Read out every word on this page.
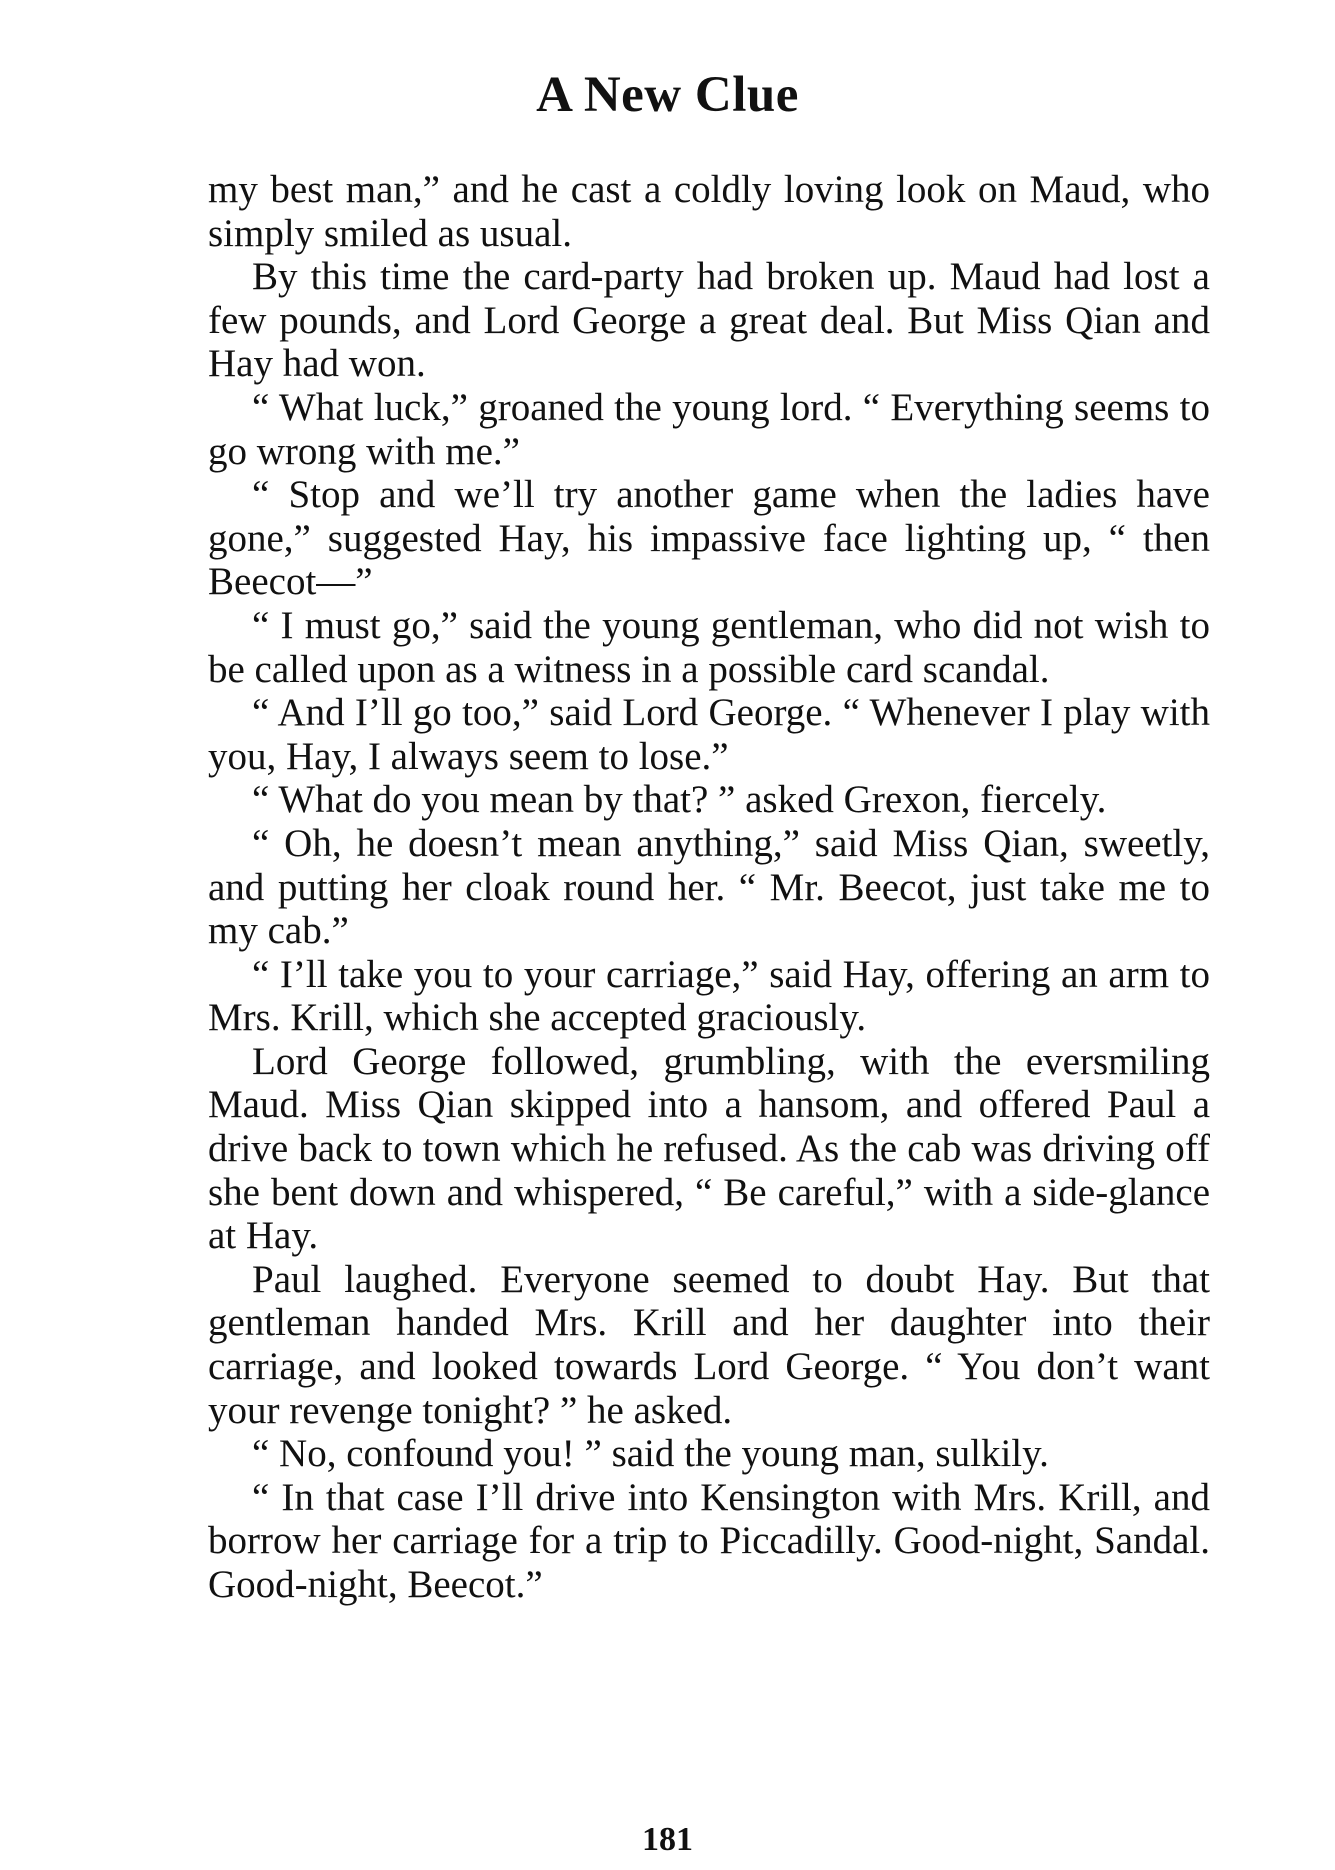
A New Clue

my best man,” and he cast a coldly loving look on Maud, who simply smiled as usual.

By this time the card-party had broken up. Maud had lost a few pounds, and Lord George a great deal. But Miss Qian and Hay had won.

“ What luck,” groaned the young lord. “ Everything seems to go wrong with me.”

“ Stop and we’ll try another game when the ladies have gone,” suggested Hay, his impassive face lighting up, “ then Beecot—”

“ I must go,” said the young gentleman, who did not wish to be called upon as a witness in a possible card scandal.

“ And I’ll go too,” said Lord George. “ Whenever I play with you, Hay, I always seem to lose.”

“ What do you mean by that? ” asked Grexon, fiercely.

“ Oh, he doesn’t mean anything,” said Miss Qian, sweetly, and putting her cloak round her. “ Mr. Beecot, just take me to my cab.”

“ I’ll take you to your carriage,” said Hay, offering an arm to Mrs. Krill, which she accepted graciously.

Lord George followed, grumbling, with the eversmiling Maud. Miss Qian skipped into a hansom, and offered Paul a drive back to town which he refused. As the cab was driving off she bent down and whispered, “ Be careful,” with a side-glance at Hay.

Paul laughed. Everyone seemed to doubt Hay. But that gentleman handed Mrs. Krill and her daughter into their carriage, and looked towards Lord George. “ You don’t want your revenge tonight? ” he asked.

“ No, confound you! ” said the young man, sulkily.

“ In that case I’ll drive into Kensington with Mrs. Krill, and borrow her carriage for a trip to Piccadilly. Good-night, Sandal. Good-night, Beecot.”

181
